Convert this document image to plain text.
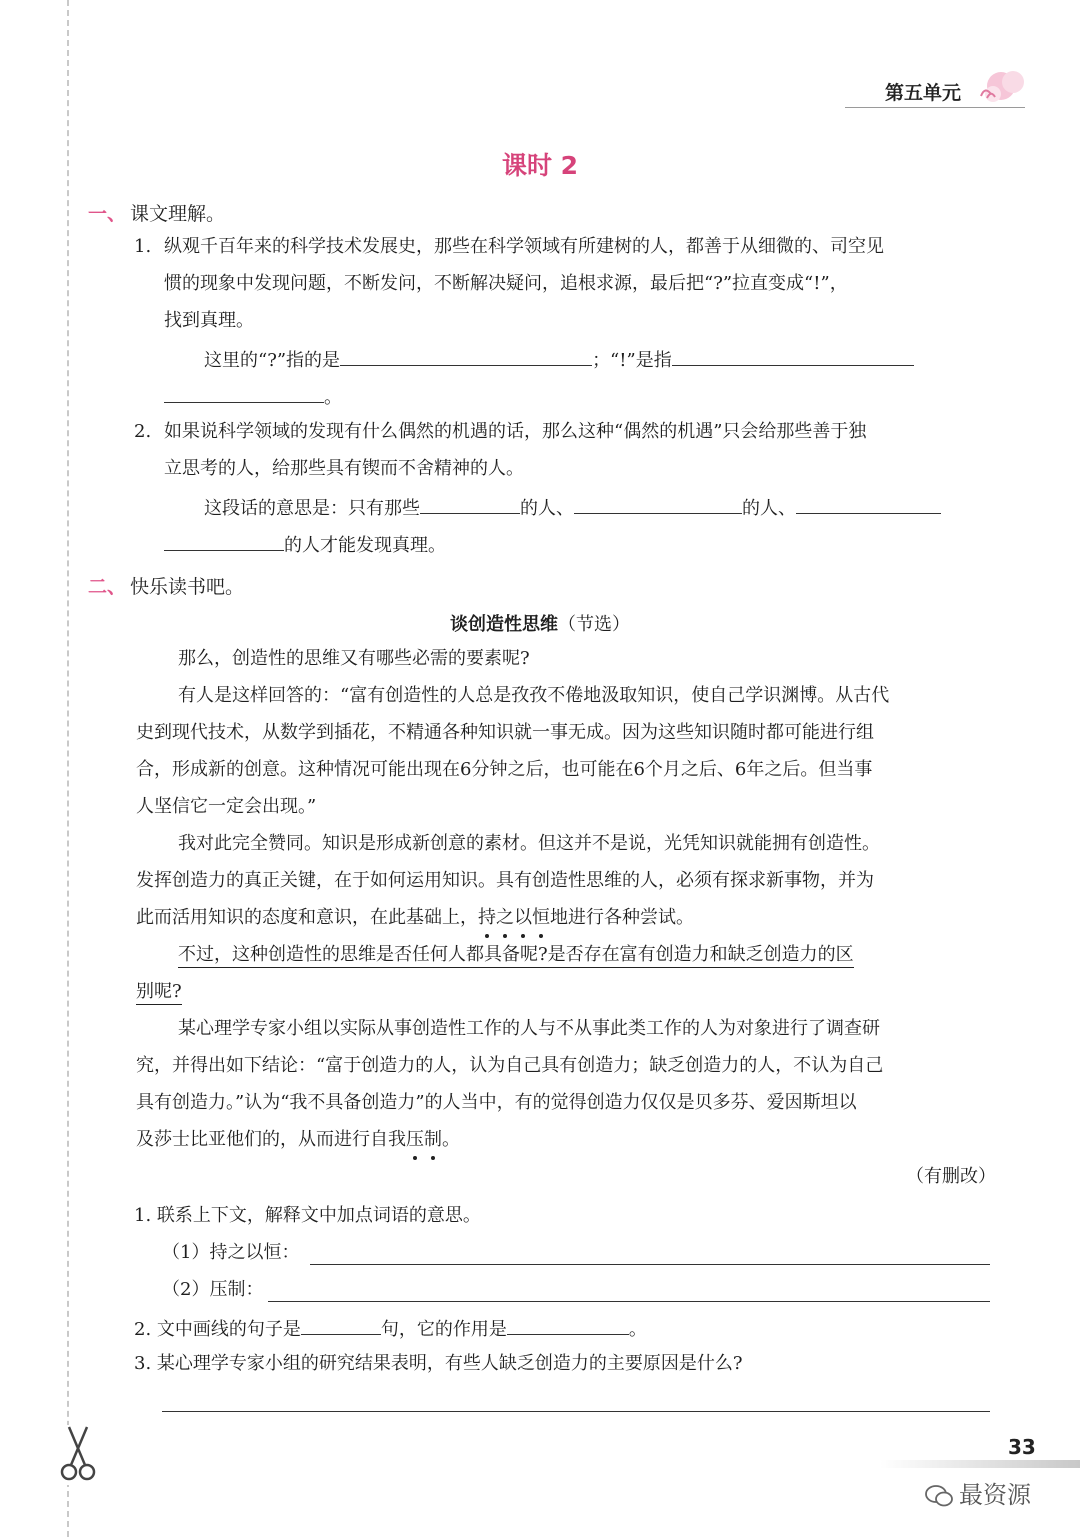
第五单元
课时 2
一、 课文理解。
1. 纵观千百年来的科学技术发展史，那些在科学领域有所建树的人，都善于从细微的、司空见
惯的现象中发现问题，不断发问，不断解决疑问，追根求源，最后把“?”拉直变成“!”，
找到真理。
这里的“?”指的是	；“!”是指
。
2. 如果说科学领域的发现有什么偶然的机遇的话，那么这种“偶然的机遇”只会给那些善于独
立思考的人，给那些具有锲而不舍精神的人。
这段话的意思是：只有那些	的人、	的人、
的人才能发现真理。
二、 快乐读书吧。
谈创造性思维（节选）
那么，创造性的思维又有哪些必需的要素呢?
有人是这样回答的：“富有创造性的人总是孜孜不倦地汲取知识，使自己学识渊博。从古代
史到现代技术，从数学到插花，不精通各种知识就一事无成。因为这些知识随时都可能进行组
合，形成新的创意。这种情况可能出现在6分钟之后，也可能在6个月之后、6年之后。但当事
人坚信它一定会出现。”
我对此完全赞同。知识是形成新创意的素材。但这并不是说，光凭知识就能拥有创造性。
发挥创造力的真正关键，在于如何运用知识。具有创造性思维的人，必须有探求新事物，并为
此而活用知识的态度和意识，在此基础上，持之以恒地进行各种尝试。
不过，这种创造性的思维是否任何人都具备呢?是否存在富有创造力和缺乏创造力的区
别呢?
某心理学专家小组以实际从事创造性工作的人与不从事此类工作的人为对象进行了调查研
究，并得出如下结论：“富于创造力的人，认为自己具有创造力；缺乏创造力的人，不认为自己
具有创造力。”认为“我不具备创造力”的人当中，有的觉得创造力仅仅是贝多芬、爱因斯坦以
及莎士比亚他们的，从而进行自我压制。
（有删改）
1. 联系上下文，解释文中加点词语的意思。
（1）持之以恒：
（2）压制：
2. 文中画线的句子是	句，它的作用是	。
3. 某心理学专家小组的研究结果表明，有些人缺乏创造力的主要原因是什么?
33
最资源
